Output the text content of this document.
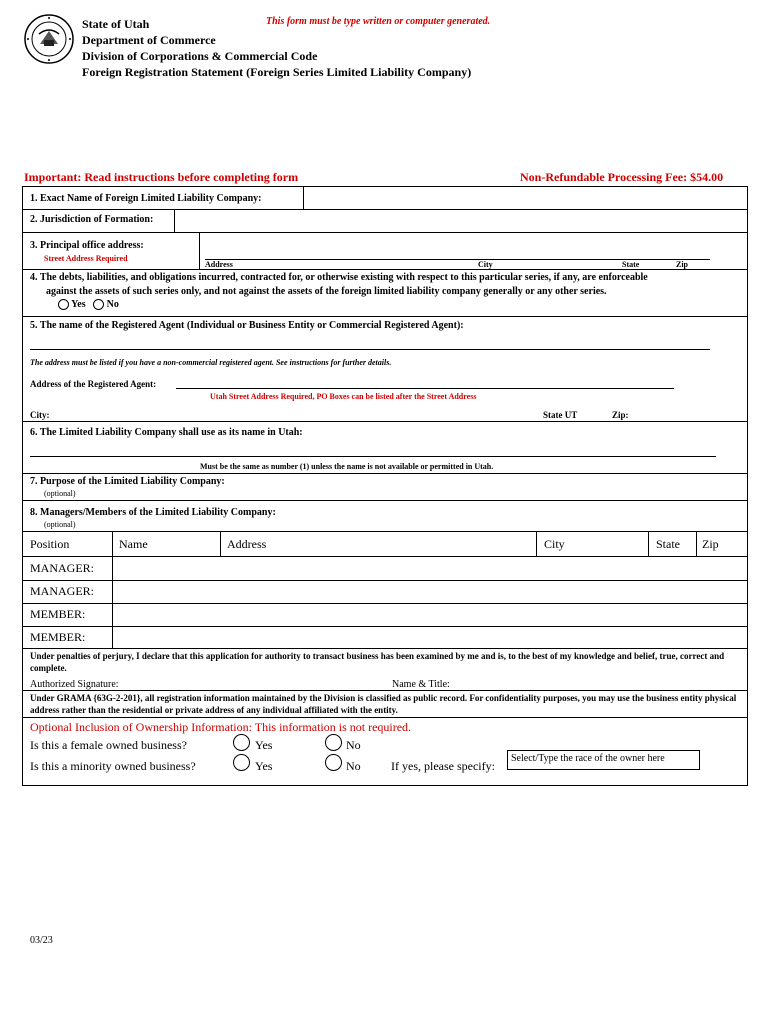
State of Utah
Department of Commerce
Division of Corporations & Commercial Code
Foreign Registration Statement (Foreign Series Limited Liability Company)
This form must be type written or computer generated.
Important: Read instructions before completing form	Non-Refundable Processing Fee: $54.00
1. Exact Name of Foreign Limited Liability Company:
2. Jurisdiction of Formation:
3. Principal office address:
Street Address Required
Address	City	State	Zip
4. The debts, liabilities, and obligations incurred, contracted for, or otherwise existing with respect to this particular series, if any, are enforceable
against the assets of such series only, and not against the assets of the foreign limited liability company generally or any other series.
Yes No
5. The name of the Registered Agent (Individual or Business Entity or Commercial Registered Agent):
The address must be listed if you have a non-commercial registered agent. See instructions for further details.
Address of the Registered Agent:
Utah Street Address Required, PO Boxes can be listed after the Street Address
City:	State UT	Zip:
6. The Limited Liability Company shall use as its name in Utah:
Must be the same as number (1) unless the name is not available or permitted in Utah.
7. Purpose of the Limited Liability Company:
(optional)
8. Managers/Members of the Limited Liability Company:
(optional)
Position	Name	Address	City	State Zip
MANAGER:
MANAGER:
MEMBER:
MEMBER:
Under penalties of perjury, I declare that this application for authority to transact business has been examined by me and is, to the best of my knowledge and belief, true, correct and complete.
Authorized Signature:	Name & Title:
Under GRAMA {63G-2-201}, all registration information maintained by the Division is classified as public record. For confidentiality purposes, you may use the business entity physical address rather than the residential or private address of any individual affiliated with the entity.
Optional Inclusion of Ownership Information: This information is not required.
Is this a female owned business?	Yes	No
Is this a minority owned business?	Yes	No	If yes, please specify:
Select/Type the race of the owner here
03/23
